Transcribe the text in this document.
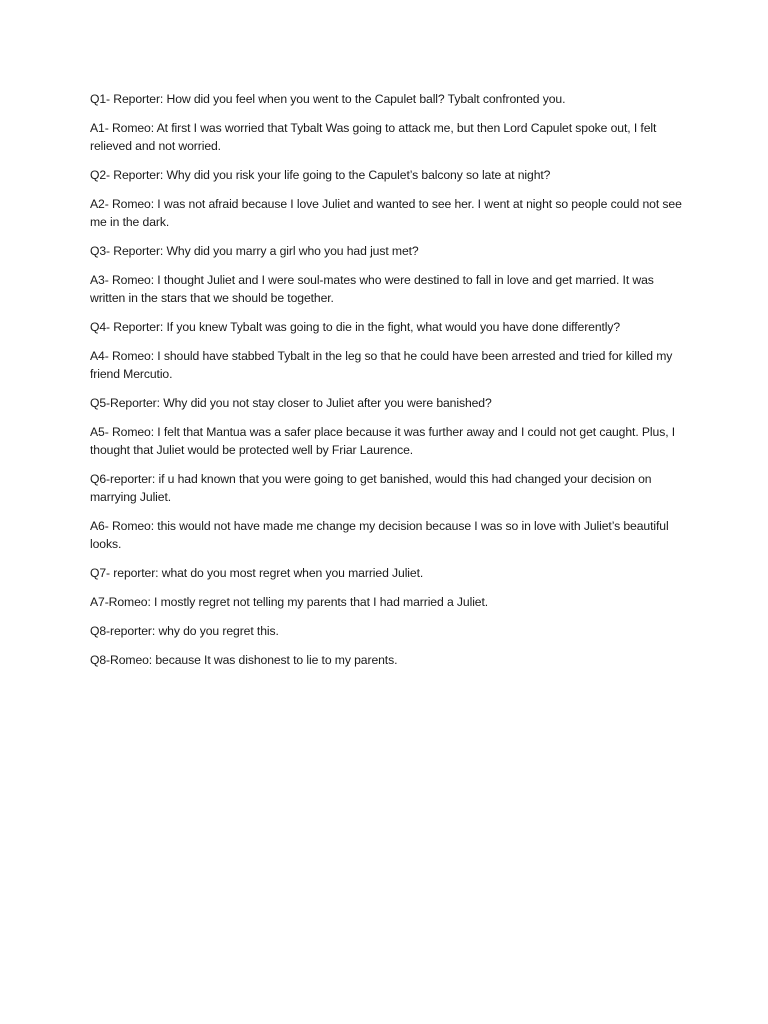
Q1- Reporter: How did you feel when you went to the Capulet ball? Tybalt confronted you.

A1- Romeo: At first I was worried that Tybalt Was going to attack me, but then Lord Capulet spoke out, I felt relieved and not worried.

Q2- Reporter: Why did you risk your life going to the Capulet’s balcony so late at night?

A2- Romeo: I was not afraid because I love Juliet and wanted to see her. I went at night so people could not see me in the dark.

Q3- Reporter: Why did you marry a girl who you had just met?

A3- Romeo: I thought Juliet and I were soul-mates who were destined to fall in love and get married. It was written in the stars that we should be together.

Q4- Reporter: If you knew Tybalt was going to die in the fight, what would you have done differently?

A4- Romeo: I should have stabbed Tybalt in the leg so that he could have been arrested and tried for killed my friend Mercutio.

Q5-Reporter: Why did you not stay closer to Juliet after you were banished?

A5- Romeo: I felt that Mantua was a safer place because it was further away and I could not get caught. Plus, I thought that Juliet would be protected well by Friar Laurence.

Q6-reporter: if u had known that you were going to get banished, would this had changed your decision on marrying Juliet.

A6- Romeo: this would not have made me change my decision because I was so in love with Juliet’s beautiful looks.

Q7- reporter: what do you most regret when you married Juliet.

A7-Romeo: I mostly regret not telling my parents that I had married a Juliet.

Q8-reporter: why do you regret this.

Q8-Romeo: because It was dishonest to lie to my parents.
